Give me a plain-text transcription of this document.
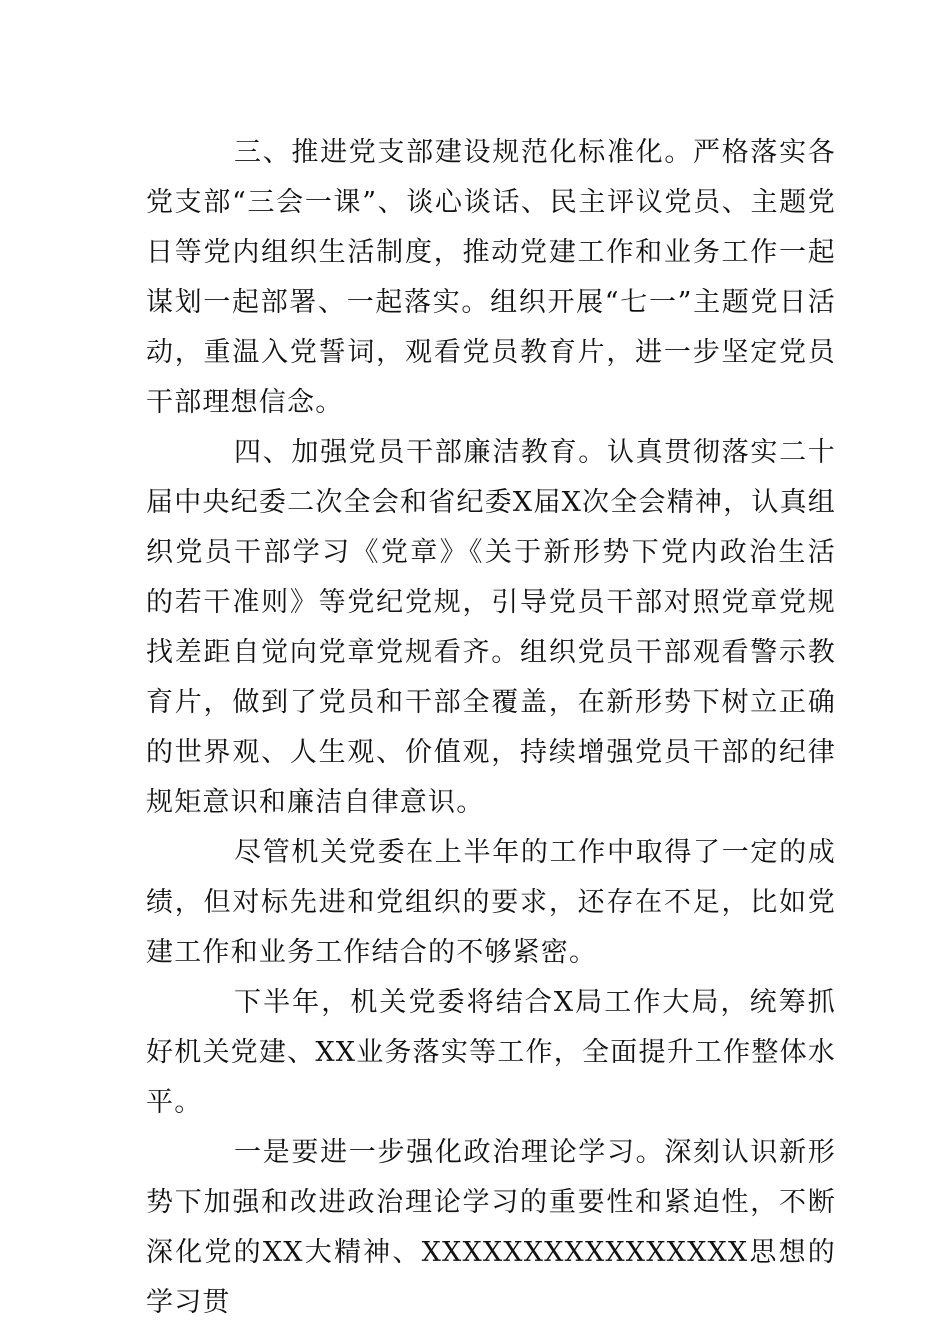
三、推进党支部建设规范化标准化。严格落实各党支部“三会一课”、谈心谈话、民主评议党员、主题党日等党内组织生活制度，推动党建工作和业务工作一起谋划一起部署、一起落实。组织开展“七一”主题党日活动，重温入党誓词，观看党员教育片，进一步坚定党员干部理想信念。

四、加强党员干部廉洁教育。认真贯彻落实二十届中央纪委二次全会和省纪委X届X次全会精神，认真组织党员干部学习《党章》《关于新形势下党内政治生活的若干准则》等党纪党规，引导党员干部对照党章党规找差距自觉向党章党规看齐。组织党员干部观看警示教育片，做到了党员和干部全覆盖，在新形势下树立正确的世界观、人生观、价值观，持续增强党员干部的纪律规矩意识和廉洁自律意识。

尽管机关党委在上半年的工作中取得了一定的成绩，但对标先进和党组织的要求，还存在不足，比如党建工作和业务工作结合的不够紧密。

下半年，机关党委将结合X局工作大局，统筹抓好机关党建、XX业务落实等工作，全面提升工作整体水平。

一是要进一步强化政治理论学习。深刻认识新形势下加强和改进政治理论学习的重要性和紧迫性，不断深化党的XX大精神、XXXXXXXXXXXXXXXX思想的学习贯
